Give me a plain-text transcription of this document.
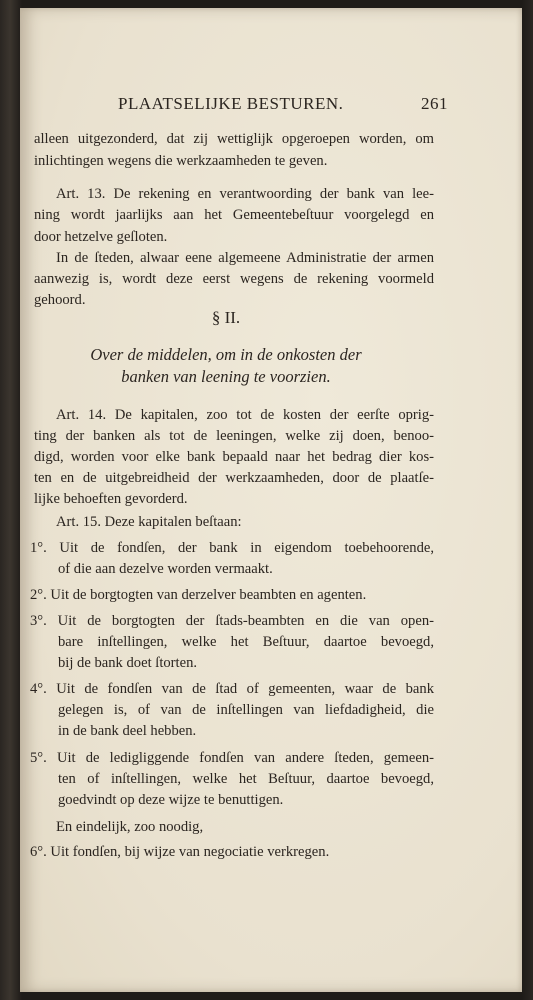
PLAATSELIJKE BESTUREN.	261
alleen uitgezonderd, dat zij wettiglijk opgeroepen worden, om
inlichtingen wegens die werkzaamheden te geven.
Art. 13. De rekening en verantwoording der bank van lee-
ning wordt jaarlijks aan het Gemeentebeſtuur voorgelegd en
door hetzelve geſloten.
In de ſteden, alwaar eene algemeene Administratie der armen
aanwezig is, wordt deze eerst wegens de rekening voormeld
gehoord.
§ II.
Over de middelen, om in de onkosten der
banken van leening te voorzien.
Art. 14. De kapitalen, zoo tot de kosten der eerſte oprig-
ting der banken als tot de leeningen, welke zij doen, benoo-
digd, worden voor elke bank bepaald naar het bedrag dier kos-
ten en de uitgebreidheid der werkzaamheden, door de plaatſe-
lijke behoeften gevorderd.
Art. 15. Deze kapitalen beſtaan:
1°. Uit de fondſen, der bank in eigendom toebehoorende,
of die aan dezelve worden vermaakt.
2°. Uit de borgtogten van derzelver beambten en agenten.
3°. Uit de borgtogten der ſtads-beambten en die van open-
bare inſtellingen, welke het Beſtuur, daartoe bevoegd,
bij de bank doet ſtorten.
4°. Uit de fondſen van de ſtad of gemeenten, waar de bank
gelegen is, of van de inſtellingen van liefdadigheid, die
in de bank deel hebben.
5°. Uit de ledigliggende fondſen van andere ſteden, gemeen-
ten of inſtellingen, welke het Beſtuur, daartoe bevoegd,
goedvindt op deze wijze te benuttigen.
En eindelijk, zoo noodig,
6°. Uit fondſen, bij wijze van negociatie verkregen.
